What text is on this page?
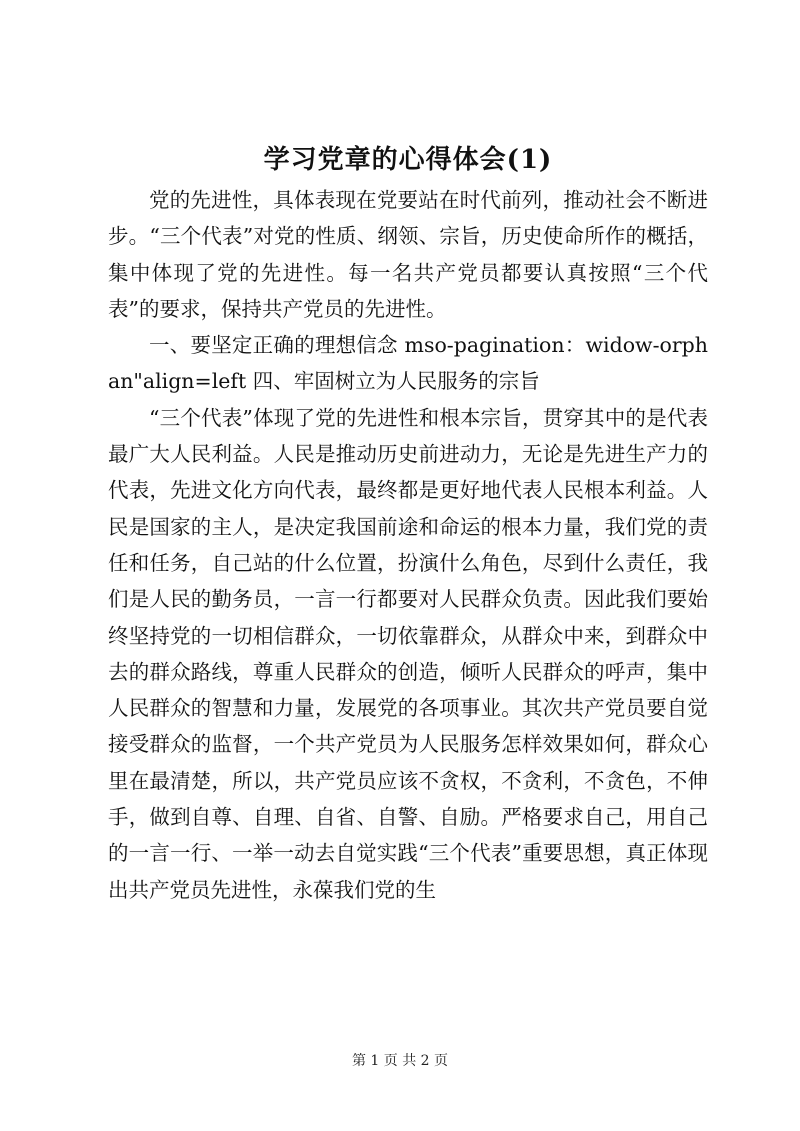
学习党章的心得体会(1)

党的先进性，具体表现在党要站在时代前列，推动社会不断进步。“三个代表”对党的性质、纲领、宗旨，历史使命所作的概括，集中体现了党的先进性。每一名共产党员都要认真按照“三个代表”的要求，保持共产党员的先进性。

一、要坚定正确的理想信念 mso-pagination：widow-orphan"align=left 四、牢固树立为人民服务的宗旨

“三个代表”体现了党的先进性和根本宗旨，贯穿其中的是代表最广大人民利益。人民是推动历史前进动力，无论是先进生产力的代表，先进文化方向代表，最终都是更好地代表人民根本利益。人民是国家的主人，是决定我国前途和命运的根本力量，我们党的责任和任务，自己站的什么位置，扮演什么角色，尽到什么责任，我们是人民的勤务员，一言一行都要对人民群众负责。因此我们要始终坚持党的一切相信群众，一切依靠群众，从群众中来，到群众中去的群众路线，尊重人民群众的创造，倾听人民群众的呼声，集中人民群众的智慧和力量，发展党的各项事业。其次共产党员要自觉接受群众的监督，一个共产党员为人民服务怎样效果如何，群众心里在最清楚，所以，共产党员应该不贪权，不贪利，不贪色，不伸手，做到自尊、自理、自省、自警、自励。严格要求自己，用自己的一言一行、一举一动去自觉实践“三个代表”重要思想，真正体现出共产党员先进性，永葆我们党的生

第 1 页 共 2 页
